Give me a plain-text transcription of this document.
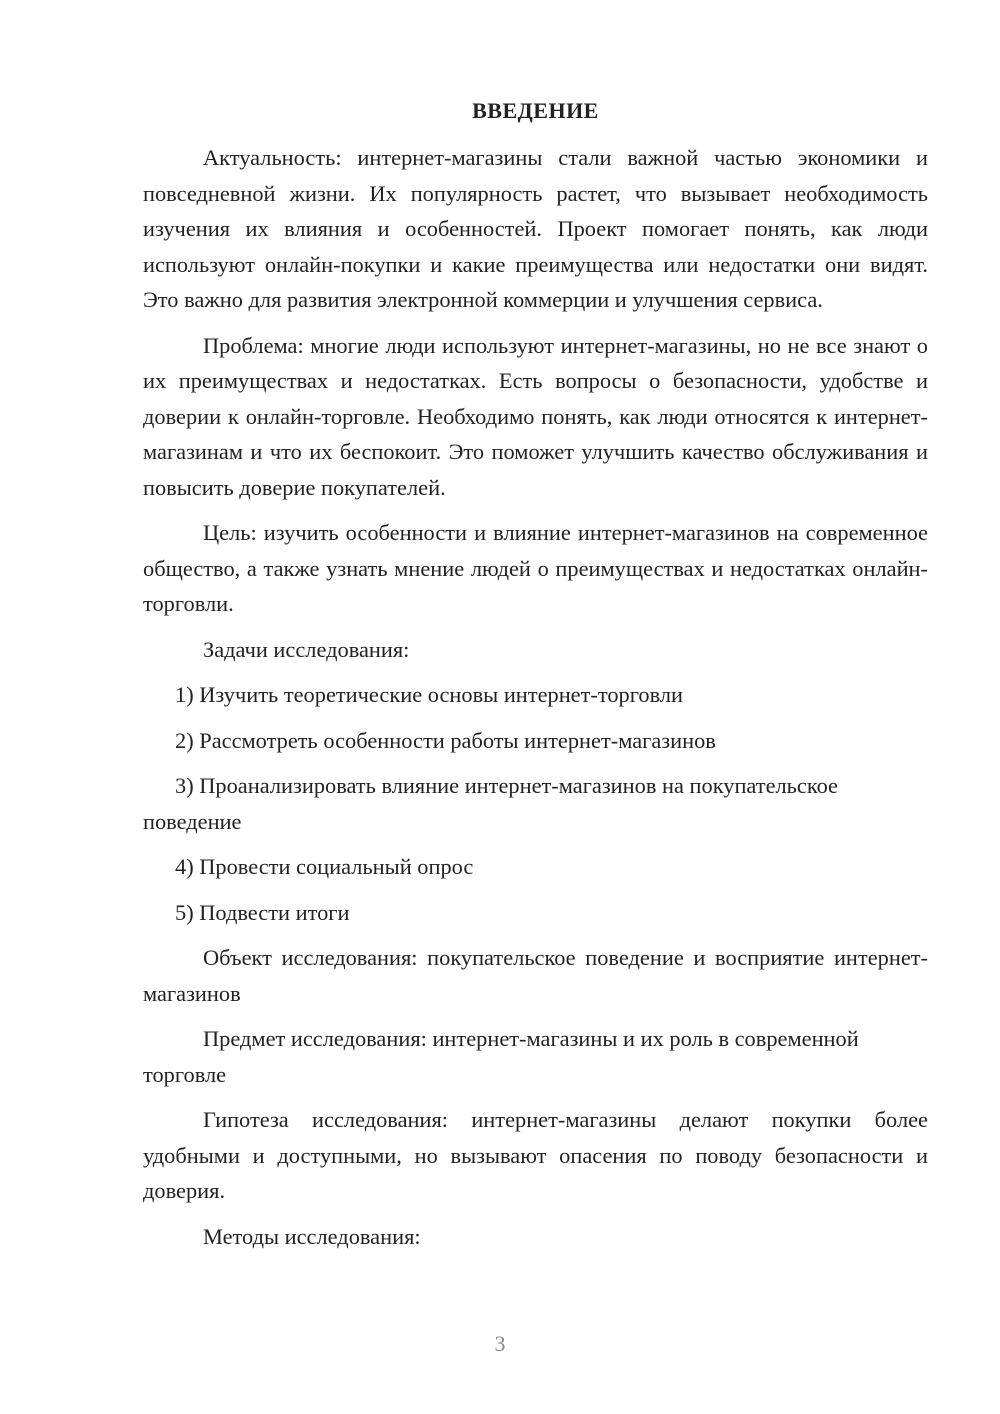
ВВЕДЕНИЕ

Актуальность: интернет-магазины стали важной частью экономики и повседневной жизни. Их популярность растет, что вызывает необходимость изучения их влияния и особенностей. Проект помогает понять, как люди используют онлайн-покупки и какие преимущества или недостатки они видят. Это важно для развития электронной коммерции и улучшения сервиса.

Проблема: многие люди используют интернет-магазины, но не все знают о их преимуществах и недостатках. Есть вопросы о безопасности, удобстве и доверии к онлайн-торговле. Необходимо понять, как люди относятся к интернет-магазинам и что их беспокоит. Это поможет улучшить качество обслуживания и повысить доверие покупателей.

Цель: изучить особенности и влияние интернет-магазинов на современное общество, а также узнать мнение людей о преимуществах и недостатках онлайн-торговли.

Задачи исследования:

1) Изучить теоретические основы интернет-торговли

2) Рассмотреть особенности работы интернет-магазинов

3) Проанализировать влияние интернет-магазинов на покупательское поведение

4) Провести социальный опрос

5) Подвести итоги

Объект исследования: покупательское поведение и восприятие интернет-магазинов

Предмет исследования: интернет-магазины и их роль в современной торговле

Гипотеза исследования: интернет-магазины делают покупки более удобными и доступными, но вызывают опасения по поводу безопасности и доверия.

Методы исследования:

3
